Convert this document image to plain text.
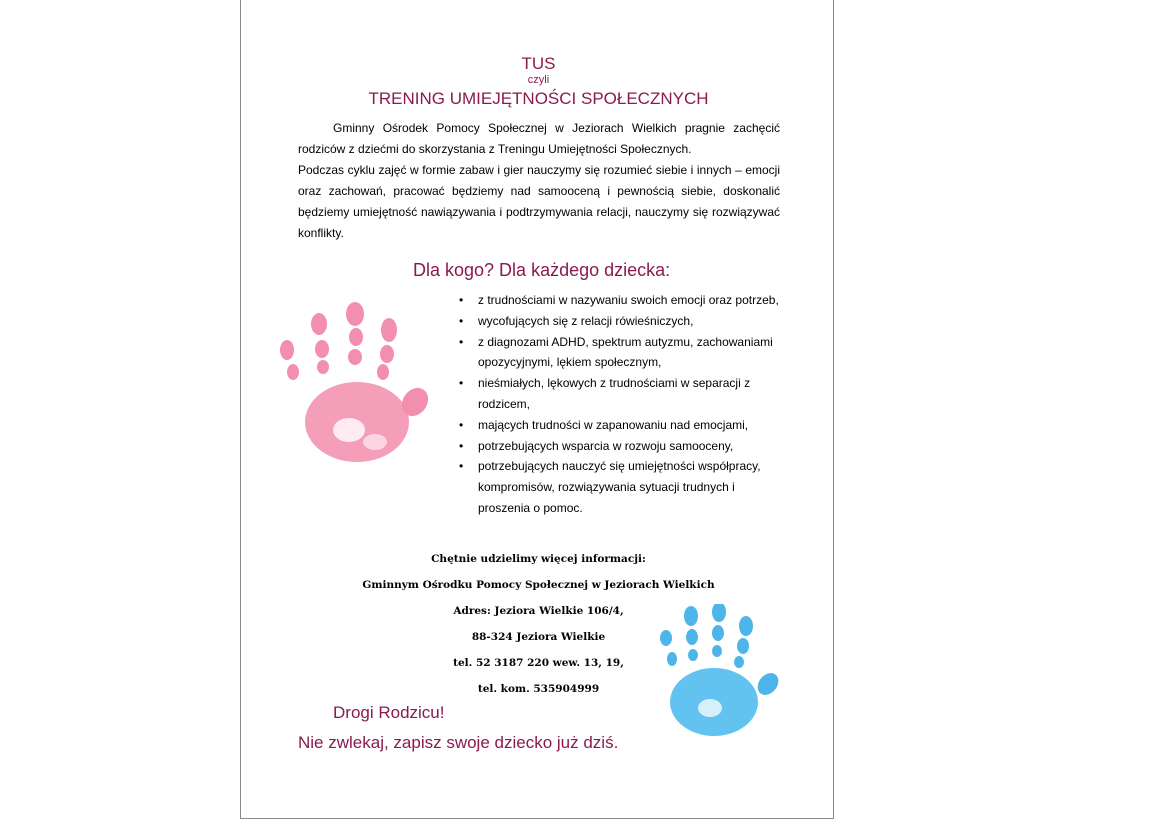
TUS
czyli
TRENING UMIEJĘTNOŚCI SPOŁECZNYCH

Gminny Ośrodek Pomocy Społecznej w Jeziorach Wielkich pragnie zachęcić rodziców z dziećmi do skorzystania z Treningu Umiejętności Społecznych.

Podczas cyklu zajęć w formie zabaw i gier nauczymy się rozumieć siebie i innych – emocji oraz zachowań, pracować będziemy nad samooceną i pewnością siebie, doskonalić będziemy umiejętność nawiązywania i podtrzymywania relacji, nauczymy się rozwiązywać konflikty.

Dla kogo? Dla każdego dziecka:
• z trudnościami w nazywaniu swoich emocji oraz potrzeb,
• wycofujących się z relacji rówieśniczych,
• z diagnozami ADHD, spektrum autyzmu, zachowaniami opozycyjnymi, lękiem społecznym,
• nieśmiałych, lękowych z trudnościami w separacji z rodzicem,
• mających trudności w zapanowaniu nad emocjami,
• potrzebujących wsparcia w rozwoju samooceny,
• potrzebujących nauczyć się umiejętności współpracy, kompromisów, rozwiązywania sytuacji trudnych i proszenia o pomoc.
Chętnie udzielimy więcej informacji:
Gminnym Ośrodku Pomocy Społecznej w Jeziorach Wielkich
Adres: Jeziora Wielkie 106/4,
88-324 Jeziora Wielkie
tel. 52 3187 220 wew. 13, 19,
tel. kom. 535904999
Drogi Rodzicu!
Nie zwlekaj, zapisz swoje dziecko już dziś.
